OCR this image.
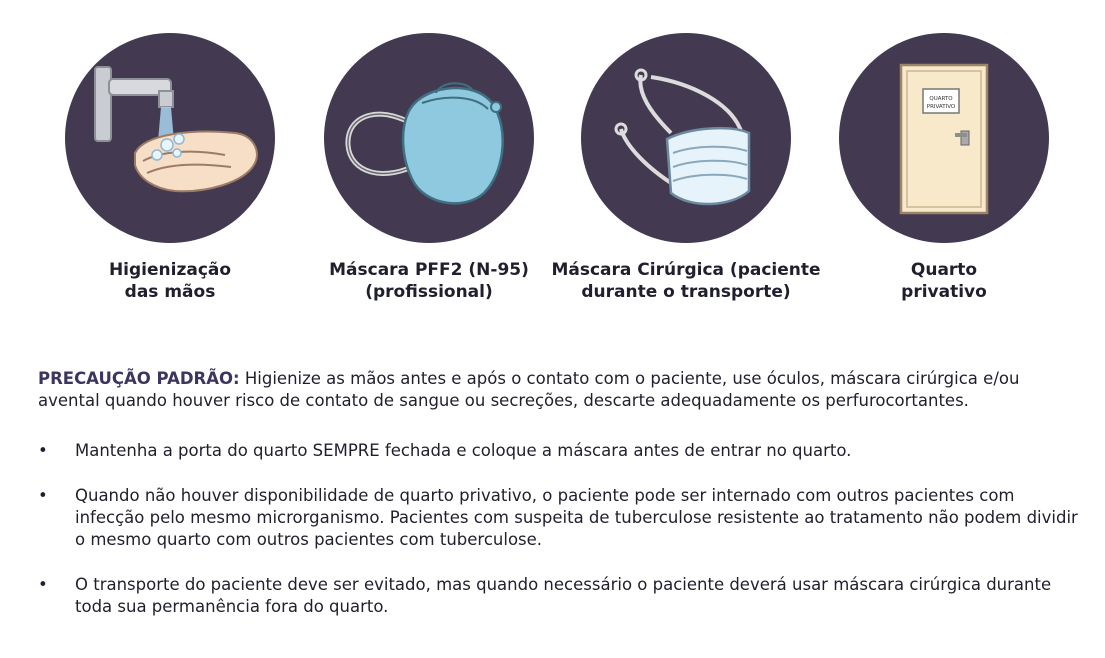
Higienização
das mãos
Máscara PFF2 (N-95)
(profissional)
Máscara Cirúrgica (paciente
durante o transporte)
QUARTO
PRIVATIVO
Quarto
privativo
PRECAUÇÃO PADRÃO: Higienize as mãos antes e após o contato com o paciente, use óculos, máscara cirúrgica e/ou avental quando houver risco de contato de sangue ou secreções, descarte adequadamente os perfurocortantes.
• Mantenha a porta do quarto SEMPRE fechada e coloque a máscara antes de entrar no quarto.
• Quando não houver disponibilidade de quarto privativo, o paciente pode ser internado com outros pacientes com infecção pelo mesmo microrganismo. Pacientes com suspeita de tuberculose resistente ao tratamento não podem dividir o mesmo quarto com outros pacientes com tuberculose.
• O transporte do paciente deve ser evitado, mas quando necessário o paciente deverá usar máscara cirúrgica durante toda sua permanência fora do quarto.
